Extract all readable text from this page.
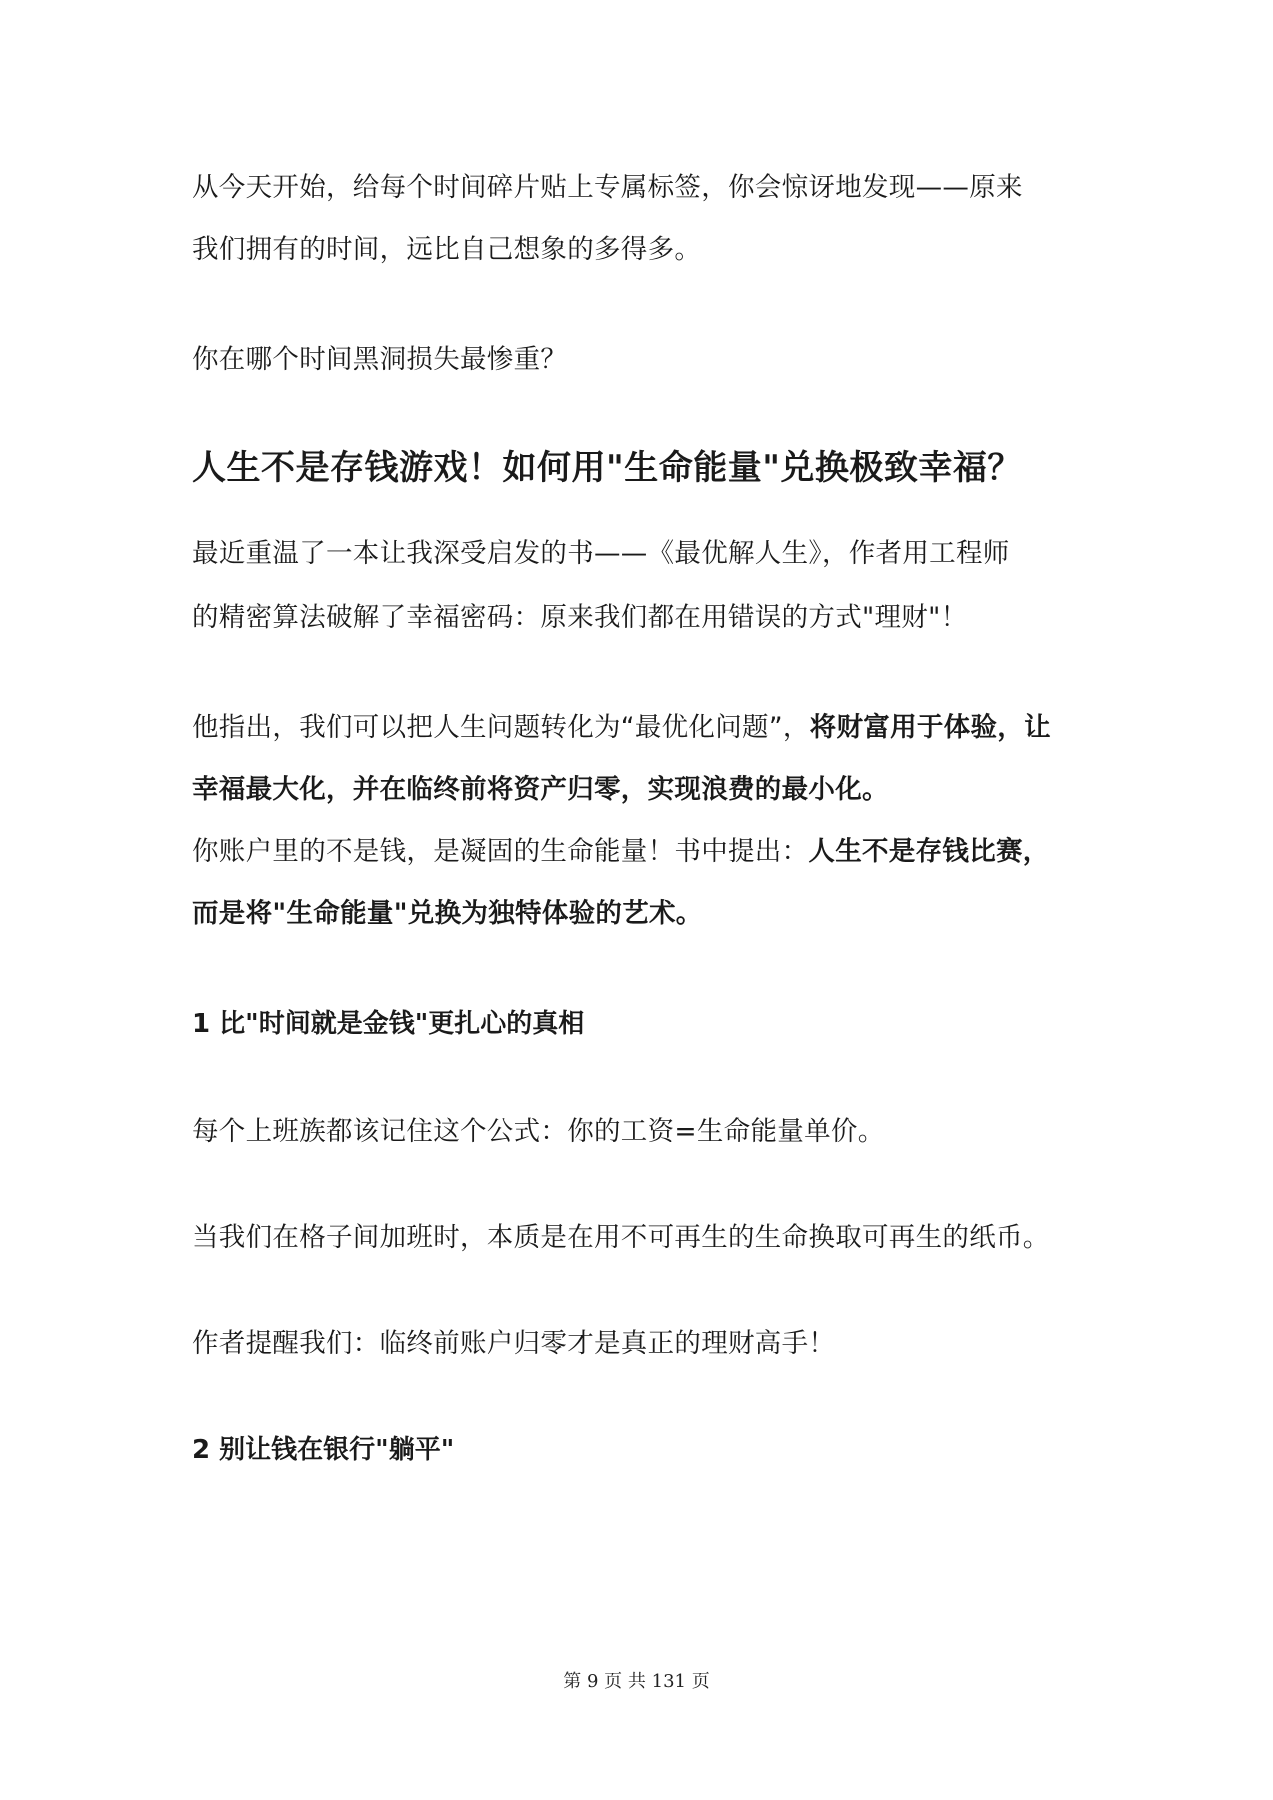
从今天开始，给每个时间碎片贴上专属标签，你会惊讶地发现——原来
我们拥有的时间，远比自己想象的多得多。
你在哪个时间黑洞损失最惨重？
人生不是存钱游戏！如何用"生命能量"兑换极致幸福？
最近重温了一本让我深受启发的书——《最优解人生》，作者用工程师
的精密算法破解了幸福密码：原来我们都在用错误的方式"理财"！
他指出，我们可以把人生问题转化为“最优化问题”，将财富用于体验，让
幸福最大化，并在临终前将资产归零，实现浪费的最小化。
你账户里的不是钱，是凝固的生命能量！书中提出：人生不是存钱比赛，
而是将"生命能量"兑换为独特体验的艺术。
1 比"时间就是金钱"更扎心的真相
每个上班族都该记住这个公式：你的工资=生命能量单价。
当我们在格子间加班时，本质是在用不可再生的生命换取可再生的纸币。
作者提醒我们：临终前账户归零才是真正的理财高手！
2 别让钱在银行"躺平"
第 9 页 共 131 页
